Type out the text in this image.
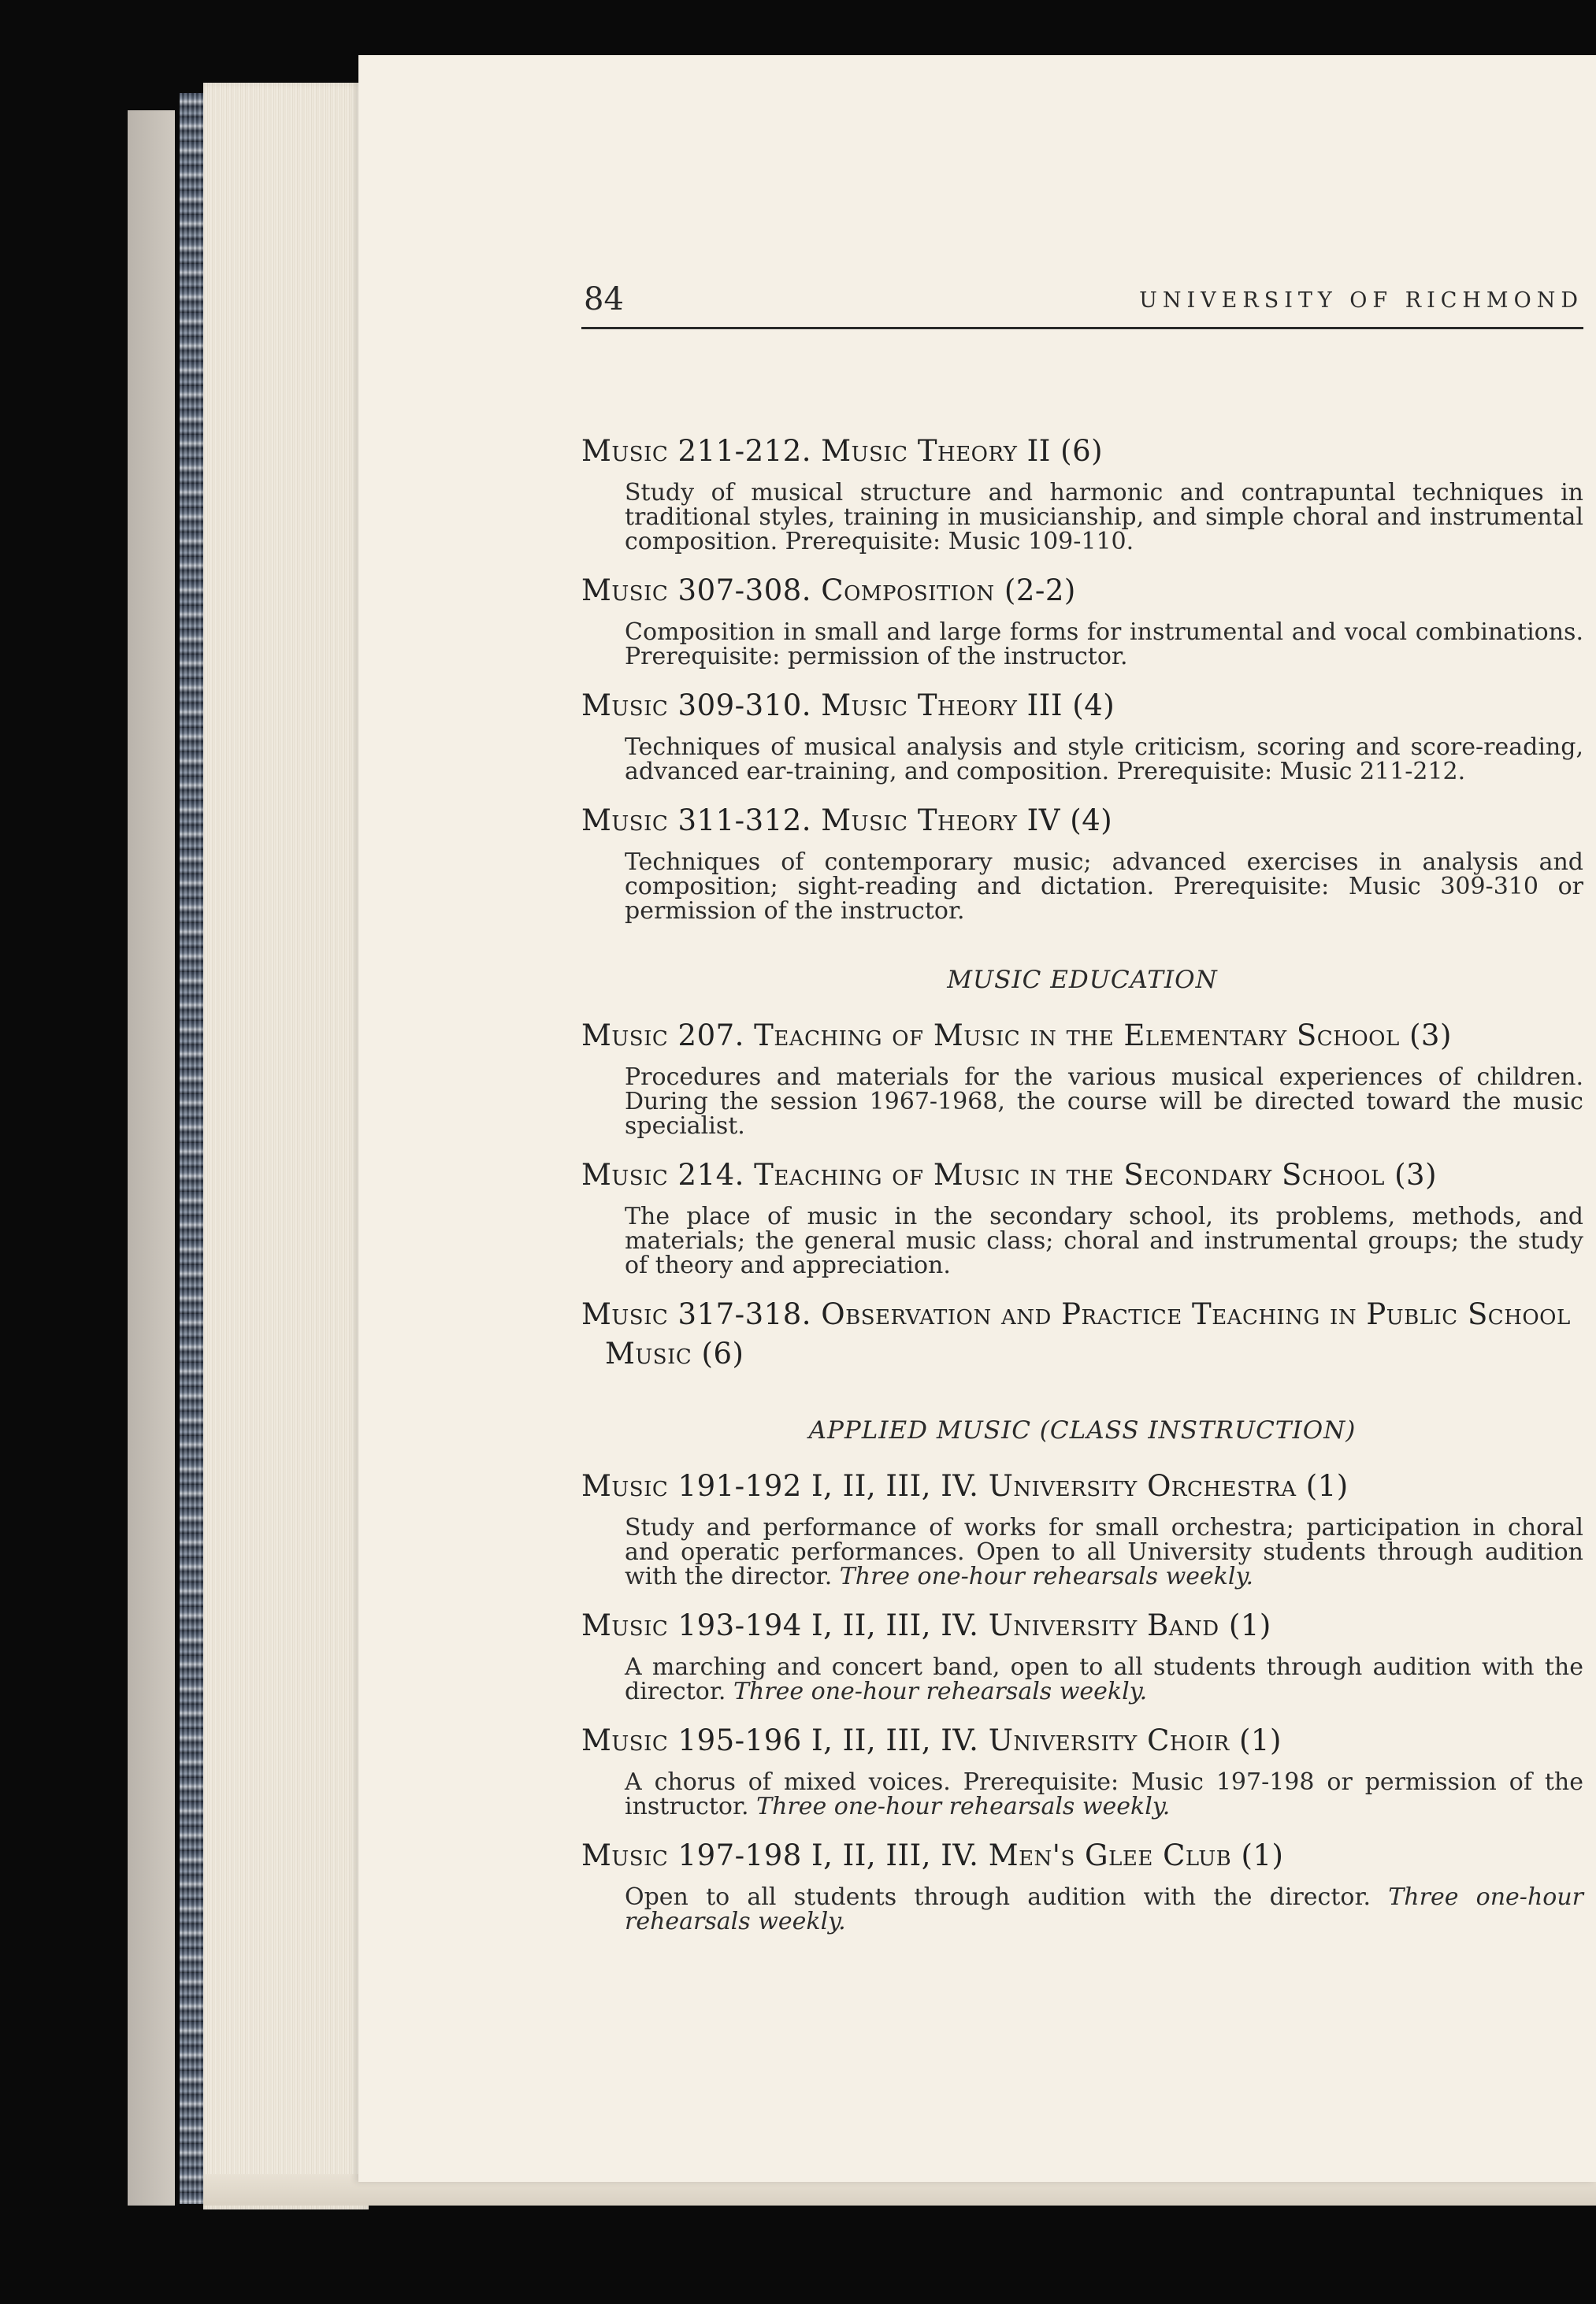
84	UNIVERSITY OF RICHMOND

Music 211-212. Music Theory II (6)

Study of musical structure and harmonic and contrapuntal techniques in traditional styles, training in musicianship, and simple choral and instrumental composition. Prerequisite: Music 109-110.

Music 307-308. Composition (2-2)

Composition in small and large forms for instrumental and vocal combinations. Prerequisite: permission of the instructor.

Music 309-310. Music Theory III (4)

Techniques of musical analysis and style criticism, scoring and score-reading, advanced ear-training, and composition. Prerequisite: Music 211-212.

Music 311-312. Music Theory IV (4)

Techniques of contemporary music; advanced exercises in analysis and composition; sight-reading and dictation. Prerequisite: Music 309-310 or permission of the instructor.

MUSIC EDUCATION

Music 207. Teaching of Music in the Elementary School (3)

Procedures and materials for the various musical experiences of children. During the session 1967-1968, the course will be directed toward the music specialist.

Music 214. Teaching of Music in the Secondary School (3)

The place of music in the secondary school, its problems, methods, and materials; the general music class; choral and instrumental groups; the study of theory and appreciation.

Music 317-318. Observation and Practice Teaching in Public School Music (6)

APPLIED MUSIC (CLASS INSTRUCTION)

Music 191-192 I, II, III, IV. University Orchestra (1)

Study and performance of works for small orchestra; participation in choral and operatic performances. Open to all University students through audition with the director. Three one-hour rehearsals weekly.

Music 193-194 I, II, III, IV. University Band (1)

A marching and concert band, open to all students through audition with the director. Three one-hour rehearsals weekly.

Music 195-196 I, II, III, IV. University Choir (1)

A chorus of mixed voices. Prerequisite: Music 197-198 or permission of the instructor. Three one-hour rehearsals weekly.

Music 197-198 I, II, III, IV. Men's Glee Club (1)

Open to all students through audition with the director. Three one-hour rehearsals weekly.
